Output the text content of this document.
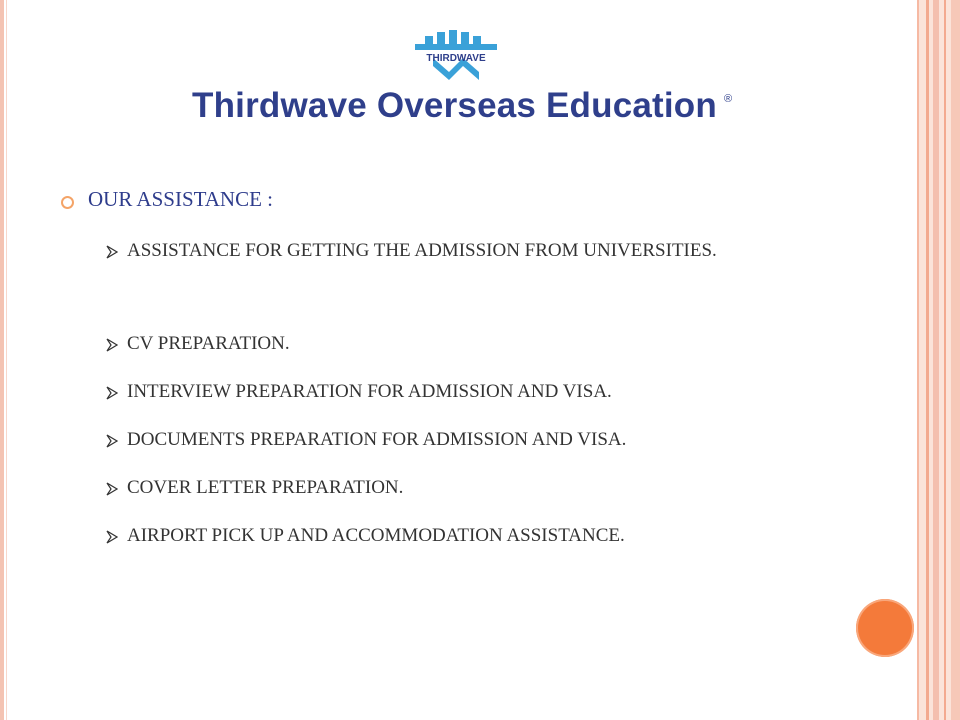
THIRDWAVE
Thirdwave Overseas Education ®
OUR ASSISTANCE :
ASSISTANCE FOR GETTING THE ADMISSION FROM UNIVERSITIES.
CV PREPARATION.
INTERVIEW PREPARATION FOR ADMISSION AND VISA.
DOCUMENTS PREPARATION FOR ADMISSION AND VISA.
COVER LETTER PREPARATION.
AIRPORT PICK UP AND ACCOMMODATION ASSISTANCE.
